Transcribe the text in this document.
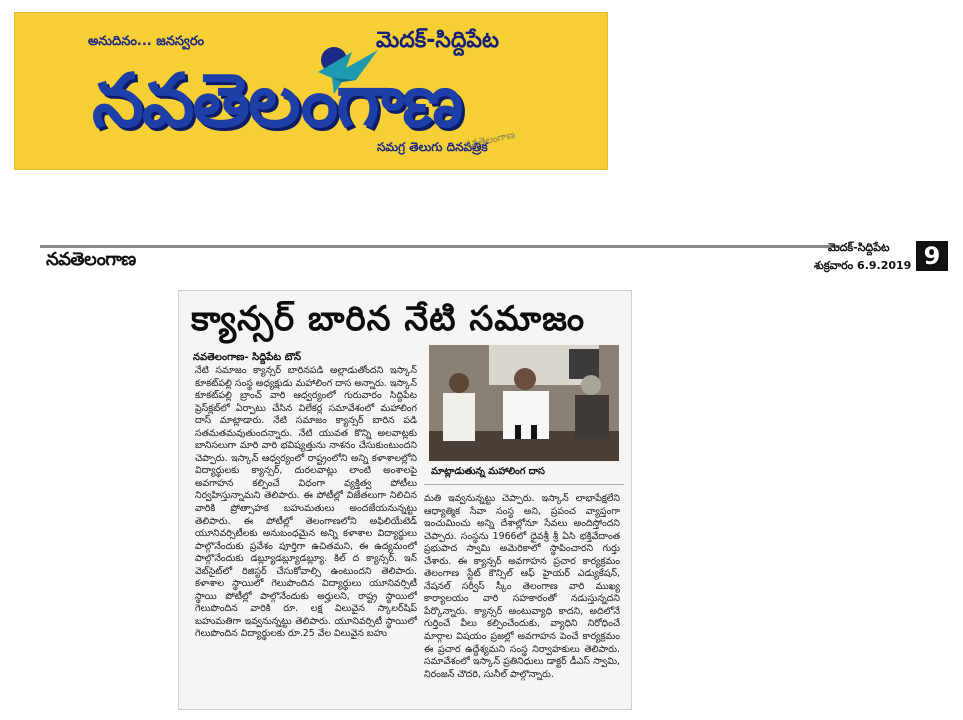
అనుదినం... జనస్వరం	మెదక్-సిద్దిపేట
నవతెలంగాణ
సమగ్ర తెలుగు దినపత్రిక
నవతెలంగాణ
నవతెలంగాణ
మెదక్-సిద్దిపేట
శుక్రవారం 6.9.2019 9
క్యాన్సర్ బారిన నేటి సమాజం
నవతెలంగాణ- సిద్దిపేట టౌన్
నేటి సమాజం క్యాన్సర్ బారినపడి అల్లాడుతోందని ఇస్కాన్ కూకట్‌పల్లి సంస్థ అధ్యక్షుడు మహాలింగ దాస అన్నారు. ఇస్కాన్ కూకట్‌పల్లి బ్రాంచ్ వారి ఆధ్వర్యంలో గురువారం సిద్దిపేట ప్రెస్‌క్లబ్‌లో ఏర్పాటు చేసిన విలేకర్ల సమావేశంలో మహాలింగ దాస్ మాట్లాడారు. నేటి సమాజం క్యాన్సర్ బారిన పడి సతమతమవుతుందన్నారు. నేటి యువత కొన్ని అలవాట్లకు బానిసలుగా మారి వారి భవిష్యత్తును నాశనం చేసుకుంటుందని చెప్పారు. ఇస్కాన్ ఆధ్వర్యంలో రాష్ట్రంలోని అన్ని కళాశాలల్లోని విద్యార్థులకు క్యాన్సర్, దురలవాట్లు లాంటి అంశాలపై అవగాహన కల్పించే విధంగా వ్యక్తిత్వ పోటీలు నిర్వహిస్తున్నామని తెలిపారు. ఈ పోటీల్లో విజేతలుగా నిలిచిన వారికి ప్రోత్సాహక బహుమతులు అందజేయనున్నట్టు తెలిపారు. ఈ పోటీల్లో తెలంగాణలోని అఫిలియేటెడ్ యూనివర్సిటీలకు అనుబంధమైన అన్ని కళాశాల విద్యార్థులు పాల్గొనేందుకు ప్రవేశం పూర్తిగా ఉచితమని, ఈ ఉద్యమంలో పాల్గొనేందుకు డబ్ల్యూడబ్ల్యూడబ్ల్యూ. కిల్ ద క్యాన్సర్. ఇన్ వెబ్‌సైట్‌లో రిజిస్టర్ చేసుకోవాల్సి ఉంటుందని తెలిపారు. కళాశాల స్థాయిలో గెలుపొందిన విద్యార్థులు యూనివర్సిటీ స్థాయి పోటీల్లో పాల్గొనేందుకు అర్హులని, రాష్ట్ర స్థాయిలో గెలుపొందిన వారికి రూ. లక్ష విలువైన స్కాలర్‌షిప్ బహుమతిగా ఇవ్వనున్నట్టు తెలిపారు. యూనివర్సిటీ స్థాయిలో గెలుపొందిన విద్యార్థులకు రూ.25 వేల విలువైన బహు
మాట్లాడుతున్న మహాలింగ దాస
మతి ఇవ్వనున్నట్టు చెప్పారు. ఇస్కాన్ లాభాపేక్షలేని ఆధ్యాత్మిక సేవా సంస్థ అని, ప్రపంచ వ్యాప్తంగా ఇంచుమించు అన్ని దేశాల్లోనూ సేవలు అందిస్తోందని చెప్పారు. సంస్థను 1966లో ధైవశ్రీ శ్రీ ఏసి భక్తివేదాంత ప్రభుపాద స్వామి అమెరికాలో స్థాపించారని గుర్తు చేశారు. ఈ క్యాన్సర్ అవగాహన ప్రచార కార్యక్రమం తెలంగాణ స్టేట్ కౌన్సిల్ ఆఫ్ హైయర్ ఎడ్యుకేషన్, నేషనల్ సర్వీస్ స్కీం తెలంగాణ వారి ముఖ్య కార్యాలయం వారి సహకారంతో నడుస్తున్నదని పేర్కొన్నారు. క్యాన్సర్ అంటువ్యాధి కాదని, అదిలోనే గుర్తించే వీలు కల్పించేందుకు, వ్యాధిని నిరోధించే మార్గాల విషయం ప్రజల్లో అవగాహన పెంచే కార్యక్రమం ఈ ప్రచార ఉద్దేశ్యమని సంస్థ నిర్వాహకులు తెలిపారు. సమావేశంలో ఇస్కాన్ ప్రతినిధులు డాక్టర్ డీఎస్ స్వామి, నిరంజన్ చౌదరి, సునీల్ పాల్గొన్నారు.
